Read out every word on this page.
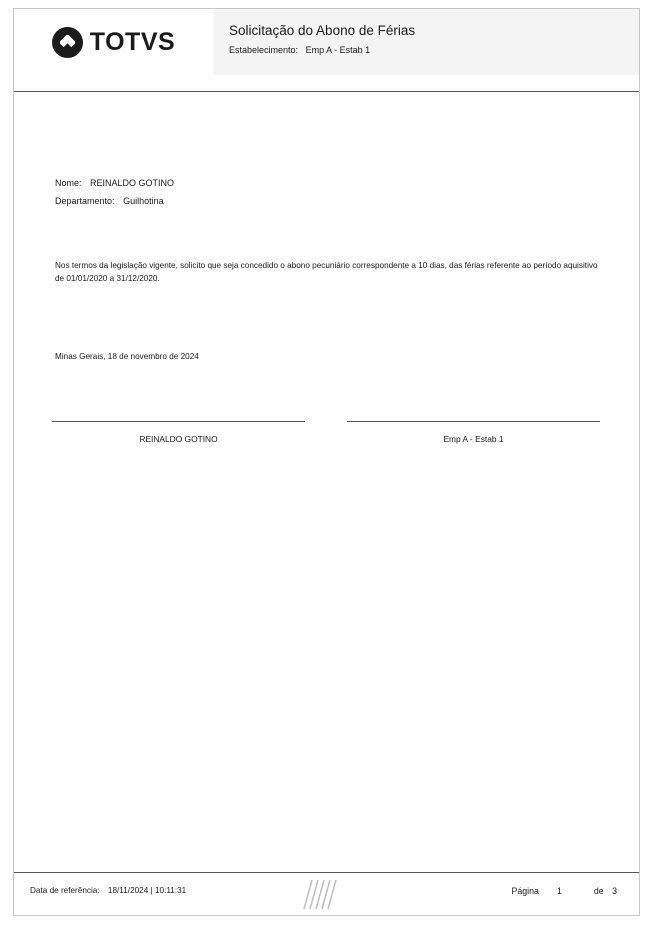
TOTVS	Solicitação do Abono de Férias
Estabelecimento: Emp A - Estab 1
Nome: REINALDO GOTINO
Departamento: Guilhotina
Nos termos da legislação vigente, solicito que seja concedido o abono pecuniário correspondente a 10 dias, das férias referente ao período aquisitivo de 01/01/2020 a 31/12/2020.
Minas Gerais, 18 de novembro de 2024
REINALDO GOTINO	Emp A - Estab 1
Data de referência: 18/11/2024 | 10:11:31	Página 1	de 3
